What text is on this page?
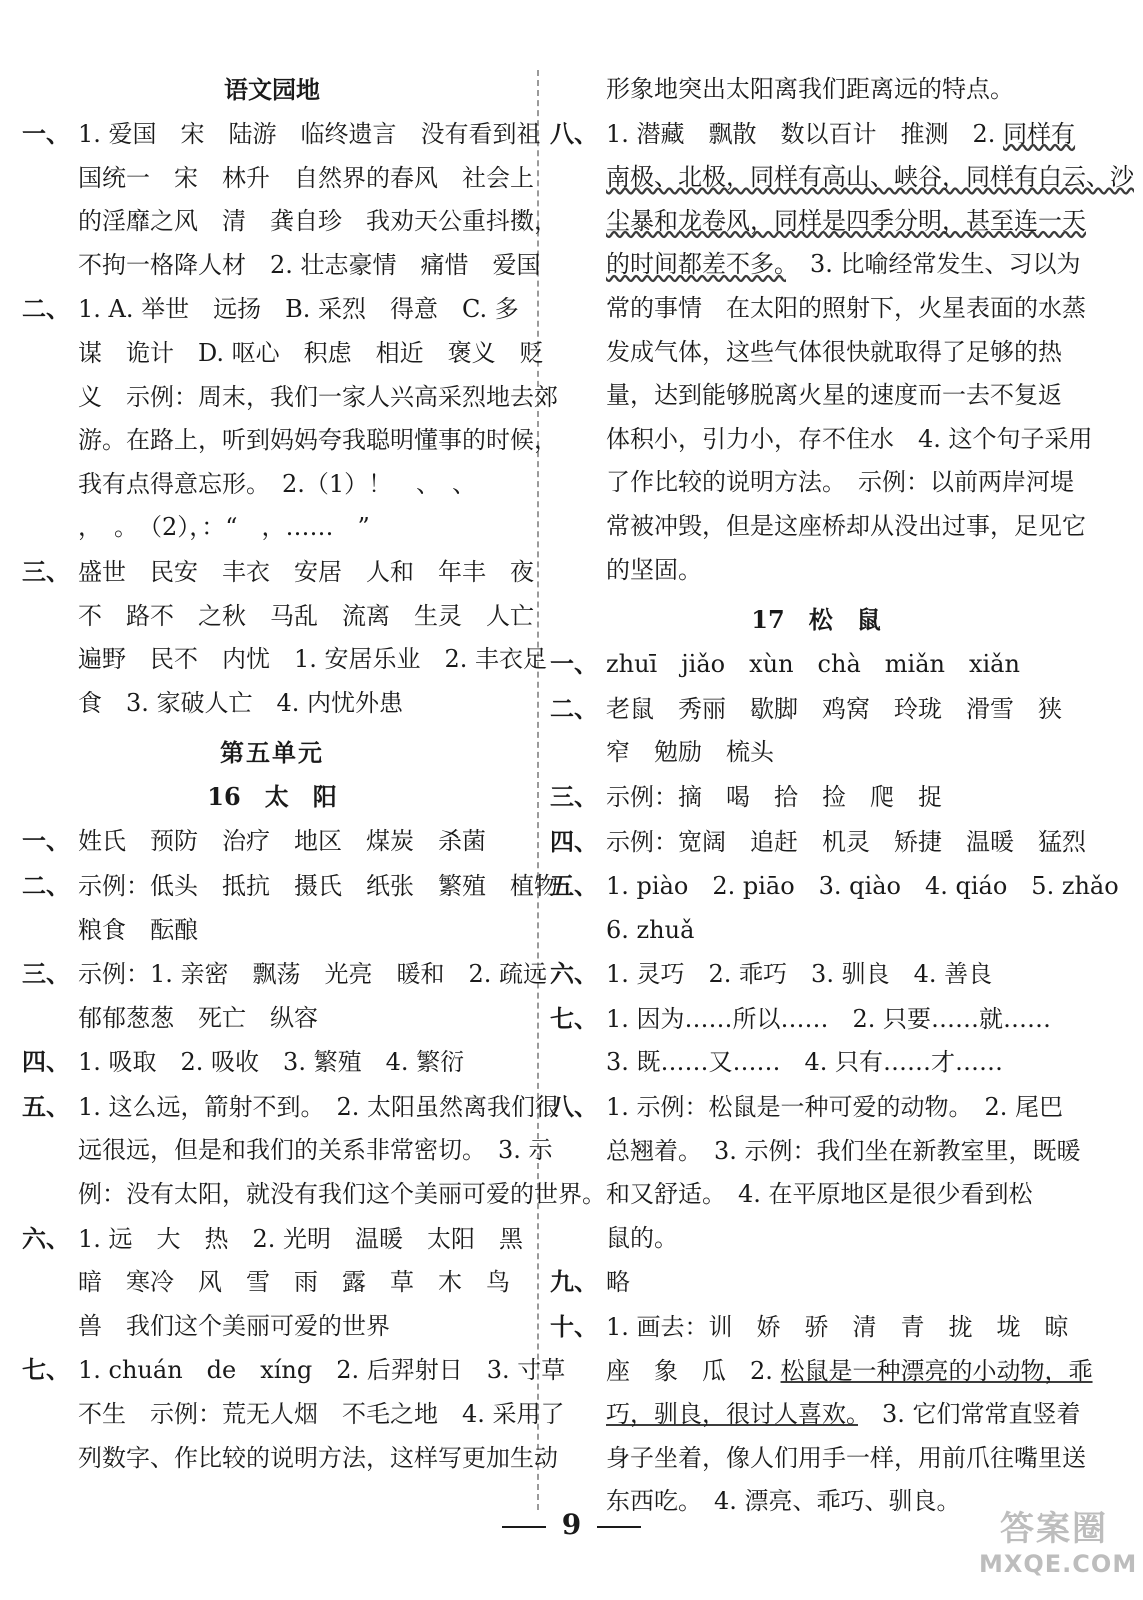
语文园地
一、 1. 爱国　宋　陆游　临终遗言　没有看到祖
国统一　宋　林升　自然界的春风　社会上
的淫靡之风　清　龚自珍　我劝天公重抖擞，
不拘一格降人材　2. 壮志豪情　痛惜　爱国
二、 1. A. 举世　远扬　B. 采烈　得意　C. 多
谋　诡计　D. 呕心　积虑　相近　褒义　贬
义　示例：周末，我们一家人兴高采烈地去郊
游。在路上，听到妈妈夸我聪明懂事的时候，
我有点得意忘形。　2.（1）！　、　、
，　。　（2），：“　，……　”
三、 盛世　民安　丰衣　安居　人和　年丰　夜
不　路不　之秋　马乱　流离　生灵　人亡
遍野　民不　内忧　1. 安居乐业　2. 丰衣足
食　3. 家破人亡　4. 内忧外患
第五单元
16　太　阳
一、 姓氏　预防　治疗　地区　煤炭　杀菌
二、 示例：低头　抵抗　摄氏　纸张　繁殖　植物
粮食　酝酿
三、 示例：1. 亲密　飘荡　光亮　暖和　2. 疏远
郁郁葱葱　死亡　纵容
四、 1. 吸取　2. 吸收　3. 繁殖　4. 繁衍
五、 1. 这么远，箭射不到。　2. 太阳虽然离我们很
远很远，但是和我们的关系非常密切。　3. 示
例：没有太阳，就没有我们这个美丽可爱的世界。
六、 1. 远　大　热　2. 光明　温暖　太阳　黑
暗　寒冷　风　雪　雨　露　草　木　鸟
兽　我们这个美丽可爱的世界
七、 1. chuán　de　xíng　2. 后羿射日　3. 寸草
不生　示例：荒无人烟　不毛之地　4. 采用了
列数字、作比较的说明方法，这样写更加生动
形象地突出太阳离我们距离远的特点。
八、 1. 潜藏　飘散　数以百计　推测　2. 同样有
南极、北极，同样有高山、峡谷，同样有白云、沙
尘暴和龙卷风，同样是四季分明，甚至连一天
的时间都差不多。　3. 比喻经常发生、习以为
常的事情　在太阳的照射下，火星表面的水蒸
发成气体，这些气体很快就取得了足够的热
量，达到能够脱离火星的速度而一去不复返
体积小，引力小，存不住水　4. 这个句子采用
了作比较的说明方法。　示例：以前两岸河堤
常被冲毁，但是这座桥却从没出过事，足见它
的坚固。
17　松　鼠
一、 zhuī　jiǎo　xùn　chà　miǎn　xiǎn
二、 老鼠　秀丽　歇脚　鸡窝　玲珑　滑雪　狭
窄　勉励　梳头
三、 示例：摘　喝　拾　捡　爬　捉
四、 示例：宽阔　追赶　机灵　矫捷　温暖　猛烈
五、 1. piào　2. piāo　3. qiào　4. qiáo　5. zhǎo
6. zhuǎ
六、 1. 灵巧　2. 乖巧　3. 驯良　4. 善良
七、 1. 因为……所以……　2. 只要……就……
3. 既……又……　4. 只有……才……
八、 1. 示例：松鼠是一种可爱的动物。　2. 尾巴
总翘着。　3. 示例：我们坐在新教室里，既暖
和又舒适。　4. 在平原地区是很少看到松
鼠的。
九、 略
十、 1. 画去：训　娇　骄　清　青　拢　垅　晾
座　象　瓜　2. 松鼠是一种漂亮的小动物，乖
巧，驯良，很讨人喜欢。　3. 它们常常直竖着
身子坐着，像人们用手一样，用前爪往嘴里送
东西吃。　4. 漂亮、乖巧、驯良。
9	答案圈
MXQE.COM
